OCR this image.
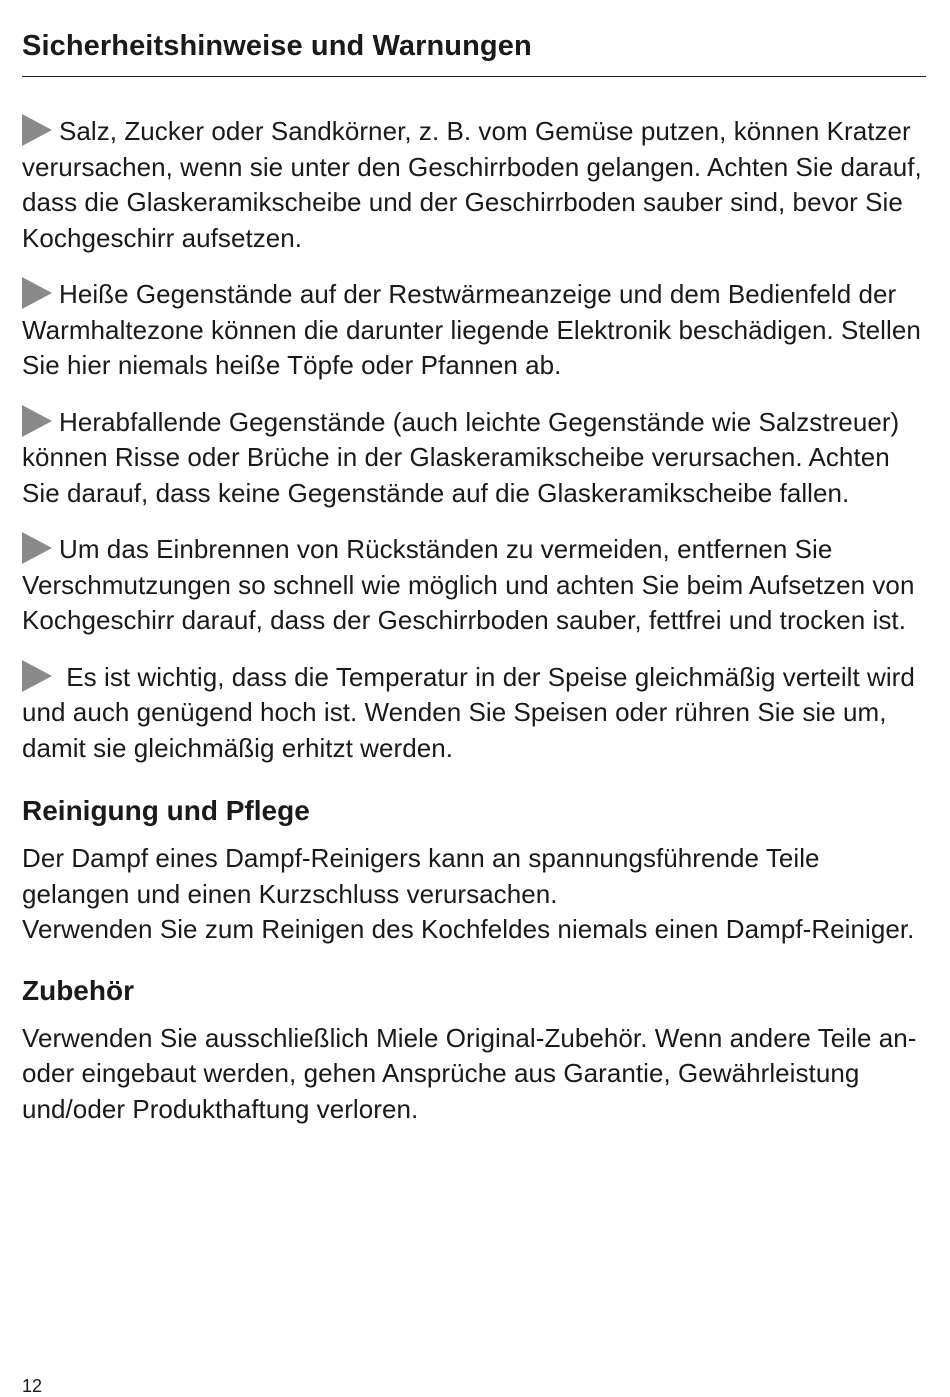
Sicherheitshinweise und Warnungen

Salz, Zucker oder Sandkörner, z. B. vom Gemüse putzen, können Kratzer verursachen, wenn sie unter den Geschirrboden gelangen. Achten Sie darauf, dass die Glaskeramikscheibe und der Geschirrboden sauber sind, bevor Sie Kochgeschirr aufsetzen.

Heiße Gegenstände auf der Restwärmeanzeige und dem Bedienfeld der Warmhaltezone können die darunter liegende Elektronik beschädigen. Stellen Sie hier niemals heiße Töpfe oder Pfannen ab.

Herabfallende Gegenstände (auch leichte Gegenstände wie Salzstreuer) können Risse oder Brüche in der Glaskeramikscheibe verursachen. Achten Sie darauf, dass keine Gegenstände auf die Glaskeramikscheibe fallen.

Um das Einbrennen von Rückständen zu vermeiden, entfernen Sie Verschmutzungen so schnell wie möglich und achten Sie beim Aufsetzen von Kochgeschirr darauf, dass der Geschirrboden sauber, fettfrei und trocken ist.

Es ist wichtig, dass die Temperatur in der Speise gleichmäßig verteilt wird und auch genügend hoch ist. Wenden Sie Speisen oder rühren Sie sie um, damit sie gleichmäßig erhitzt werden.

Reinigung und Pflege

Der Dampf eines Dampf-Reinigers kann an spannungsführende Teile gelangen und einen Kurzschluss verursachen.

Verwenden Sie zum Reinigen des Kochfeldes niemals einen Dampf-Reiniger.

Zubehör

Verwenden Sie ausschließlich Miele Original-Zubehör. Wenn andere Teile an- oder eingebaut werden, gehen Ansprüche aus Garantie, Gewährleistung und/oder Produkthaftung verloren.

12
